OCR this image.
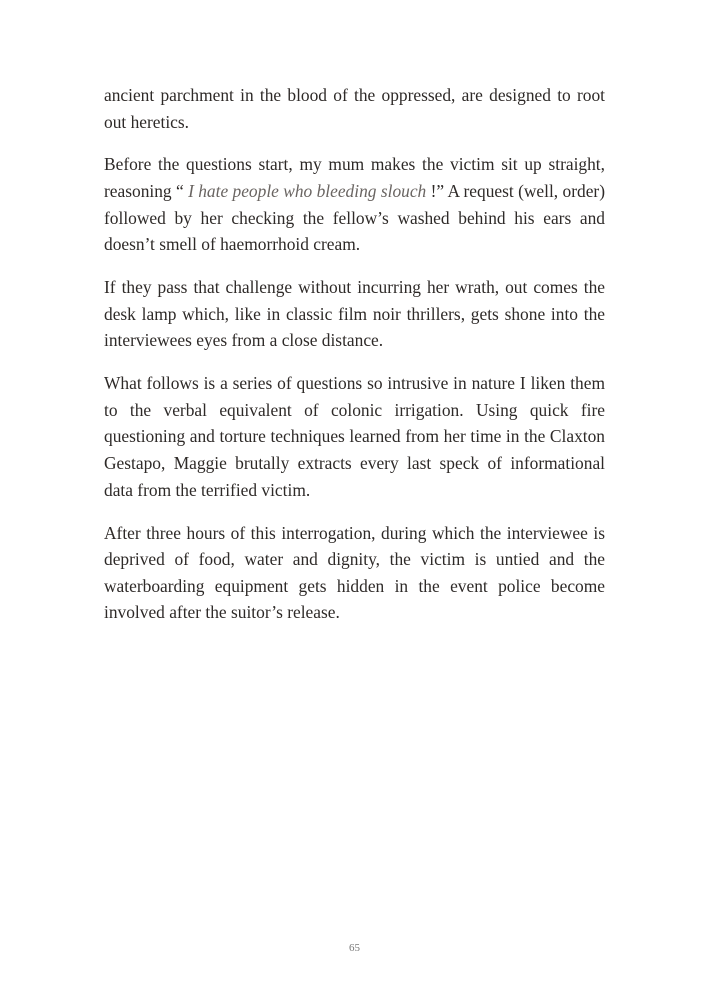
ancient parchment in the blood of the oppressed, are designed to root out heretics.

Before the questions start, my mum makes the victim sit up straight, reasoning “ I hate people who bleeding slouch !” A request (well, order) followed by her checking the fellow’s washed behind his ears and doesn’t smell of haemorrhoid cream.

If they pass that challenge without incurring her wrath, out comes the desk lamp which, like in classic film noir thrillers, gets shone into the interviewees eyes from a close distance.

What follows is a series of questions so intrusive in nature I liken them to the verbal equivalent of colonic irrigation. Using quick fire questioning and torture techniques learned from her time in the Claxton Gestapo, Maggie brutally extracts every last speck of informational data from the terrified victim.

After three hours of this interrogation, during which the interviewee is deprived of food, water and dignity, the victim is untied and the waterboarding equipment gets hidden in the event police become involved after the suitor’s release.

65
